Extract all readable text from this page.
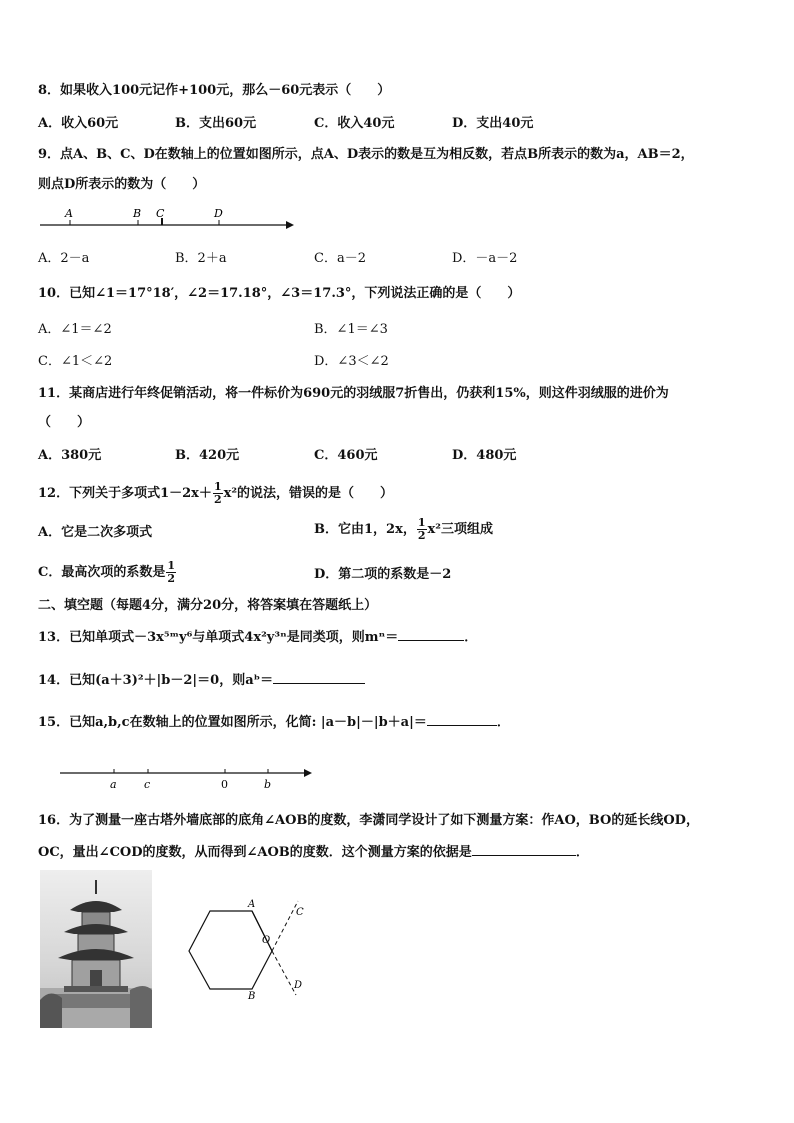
8．如果收入100元记作+100元，那么－60元表示（　　）
A．收入60元	B．支出60元	C．收入40元	D．支出40元
9．点A、B、C、D在数轴上的位置如图所示，点A、D表示的数是互为相反数，若点B所表示的数为a，AB＝2，
则点D所表示的数为（　　）
A	B C	D
A．2－a	B．2＋a	C．a－2	D．－a－2
10．已知∠1＝17°18′，∠2＝17.18°，∠3＝17.3°，下列说法正确的是（　　）
A．∠1＝∠2	B．∠1＝∠3
C．∠1＜∠2	D．∠3＜∠2
11．某商店进行年终促销活动，将一件标价为690元的羽绒服7折售出，仍获利15%，则这件羽绒服的进价为
（　　）
A．380元	B．420元	C．460元	D．480元
12．下列关于多项式$1-2x+ \frac{1}{2} x^2$的说法，错误的是（　　）
A．它是二次多项式	B．它由1，2x， $\frac{1}{2} x^2$三项组成
C．最高次项的系数是 $\frac{1}{2}$	D．第二项的系数是－2
二、填空题（每题4分，满分20分，将答案填在答题纸上）
13．已知单项式－3x⁵ᵐy⁶与单项式4x²y³ⁿ是同类项，则mⁿ＝	．
14．已知(a＋3)²＋|b－2|＝0，则aᵇ＝
15．已知a,b,c在数轴上的位置如图所示，化简: |a－b|－|b＋a|＝	．
a c	0	b
16．为了测量一座古塔外墙底部的底角∠AOB的度数，李潇同学设计了如下测量方案：作AO，BO的延长线OD，
OC，量出∠COD的度数，从而得到∠AOB的度数．这个测量方案的依据是	．
A
O
C
B
D
